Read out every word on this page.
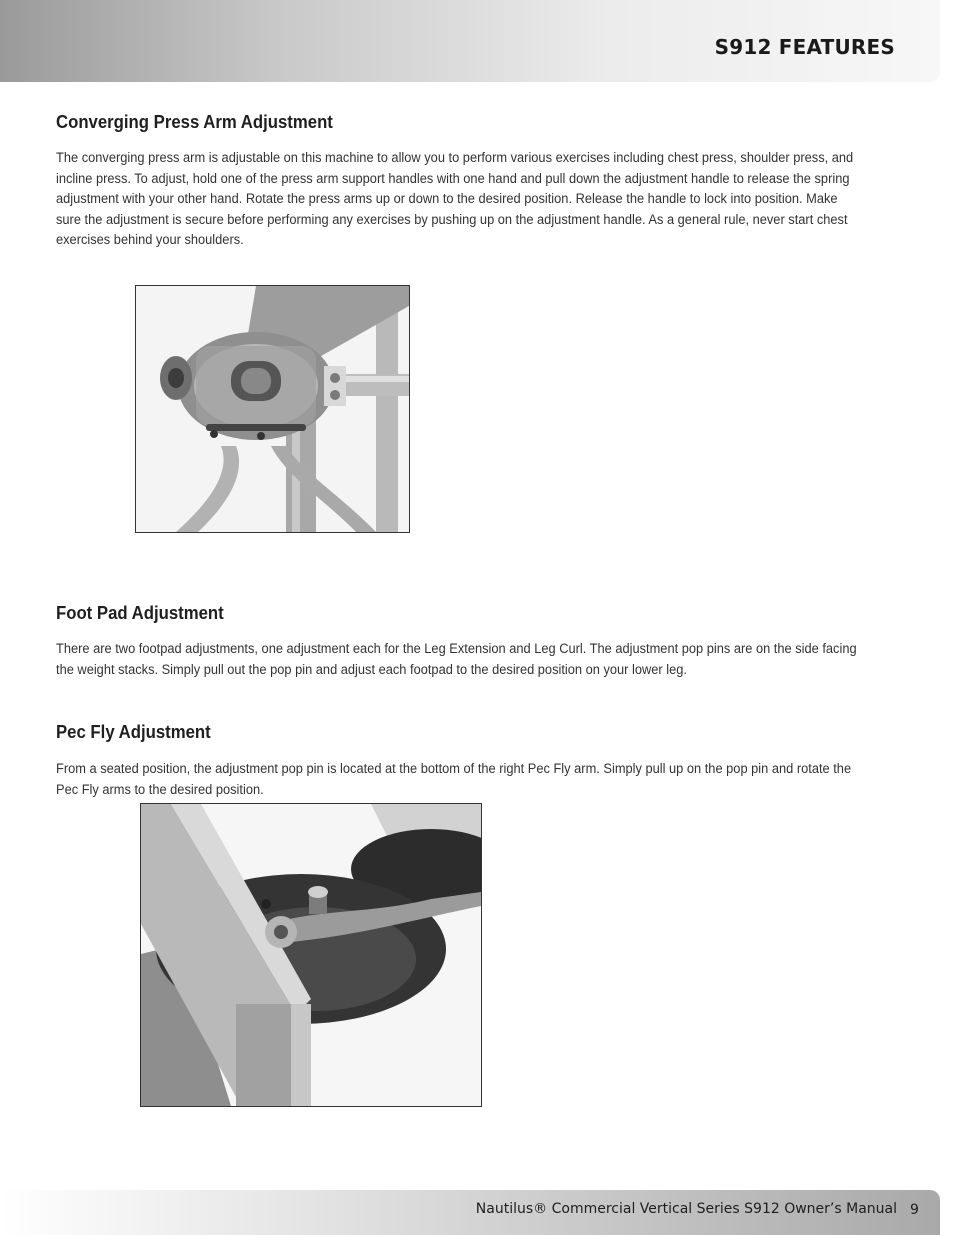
S912 FEATURES
Converging Press Arm Adjustment

The converging press arm is adjustable on this machine to allow you to perform various exercises including chest press, shoulder press, and incline press. To adjust, hold one of the press arm support handles with one hand and pull down the adjustment handle to release the spring adjustment with your other hand. Rotate the press arms up or down to the desired position. Release the handle to lock into position. Make sure the adjustment is secure before performing any exercises by pushing up on the adjustment handle. As a general rule, never start chest exercises behind your shoulders.

Foot Pad Adjustment

There are two footpad adjustments, one adjustment each for the Leg Extension and Leg Curl. The adjustment pop pins are on the side facing the weight stacks. Simply pull out the pop pin and adjust each footpad to the desired position on your lower leg.

Pec Fly Adjustment

From a seated position, the adjustment pop pin is located at the bottom of the right Pec Fly arm. Simply pull up on the pop pin and rotate the Pec Fly arms to the desired position.

Nautilus® Commercial Vertical Series S912 Owner’s Manual 9
